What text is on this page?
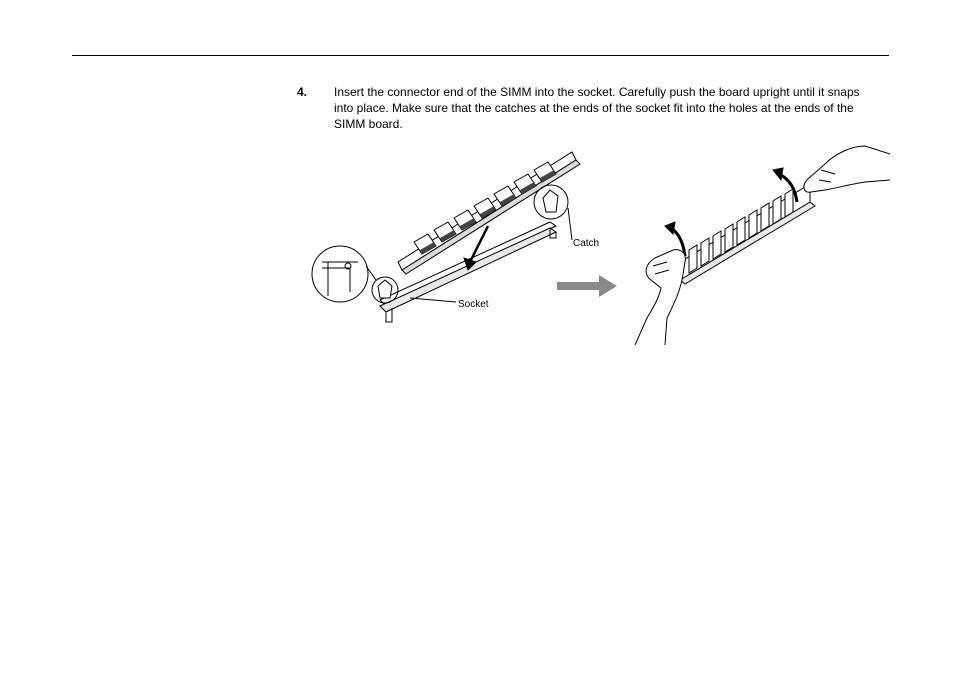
4. Insert the connector end of the SIMM into the socket. Carefully push the board upright until it snaps into place. Make sure that the catches at the ends of the socket fit into the holes at the ends of the SIMM board.
Catch
Socket
